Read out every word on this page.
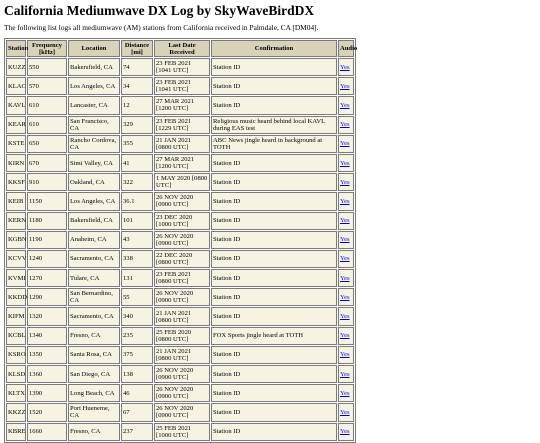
California Mediumwave DX Log by SkyWaveBirdDX

The following list logs all mediumwave (AM) stations from California received in Palmdale, CA [DM04].

Station	Frequency [kHz]	Location	Distance [mi]	Last Date Received	Confirmation	Audio
KUZZ	550	Bakersfield, CA	74	23 FEB 2021 [1041 UTC]	Station ID	Yes
KLAC	570	Los Angeles, CA	34	23 FEB 2021 [1041 UTC]	Station ID	Yes
KAVL	610	Lancaster, CA	12	27 MAR 2021 [1200 UTC]	Station ID	Yes
KEAR	610	San Francisco, CA	329	23 FEB 2021 [1229 UTC]	Religious music heard behind local KAVL during EAS test	Yes
KSTE	650	Rancho Cordova, CA	355	21 JAN 2021 [0800 UTC]	ABC News jingle heard in background at TOTH	Yes
KIRN	670	Simi Valley, CA	41	27 MAR 2021 [1200 UTC]	Station ID	Yes
KKSF	910	Oakland, CA	322	1 MAY 2020 [0800 UTC]	Station ID	Yes
KEIB	1150	Los Angeles, CA	36.1	26 NOV 2020 [0900 UTC]	Station ID	Yes
KERN	1180	Bakersfield, CA	101	23 DEC 2020 [1000 UTC]	Station ID	Yes
KGBN	1190	Anaheim, CA	43	26 NOV 2020 [0900 UTC]	Station ID	Yes
KCVV	1240	Sacramento, CA	338	22 DEC 2020 [0800 UTC]	Station ID	Yes
KVMI	1270	Tulare, CA	131	23 FEB 2021 [0800 UTC]	Station ID	Yes
KKDD	1290	San Bernardino, CA	55	26 NOV 2020 [0900 UTC]	Station ID	Yes
KIFM	1320	Sacramento, CA	340	21 JAN 2021 [0800 UTC]	Station ID	Yes
KCBL	1340	Fresno, CA	235	25 FEB 2020 [0800 UTC]	FOX Sports jingle heard at TOTH	Yes
KSRO	1350	Santa Rosa, CA	375	21 JAN 2021 [0800 UTC]	Station ID	Yes
KLSD	1360	San Diego, CA	138	26 NOV 2020 [0900 UTC]	Station ID	Yes
KLTX	1390	Long Beach, CA	46	26 NOV 2020 [0900 UTC]	Station ID	Yes
KKZZ	1520	Port Hueneme, CA	67	26 NOV 2020 [0900 UTC]	Station ID	Yes
KBRE	1660	Fresno, CA	237	25 FEB 2021 [1000 UTC]	Station ID	Yes
